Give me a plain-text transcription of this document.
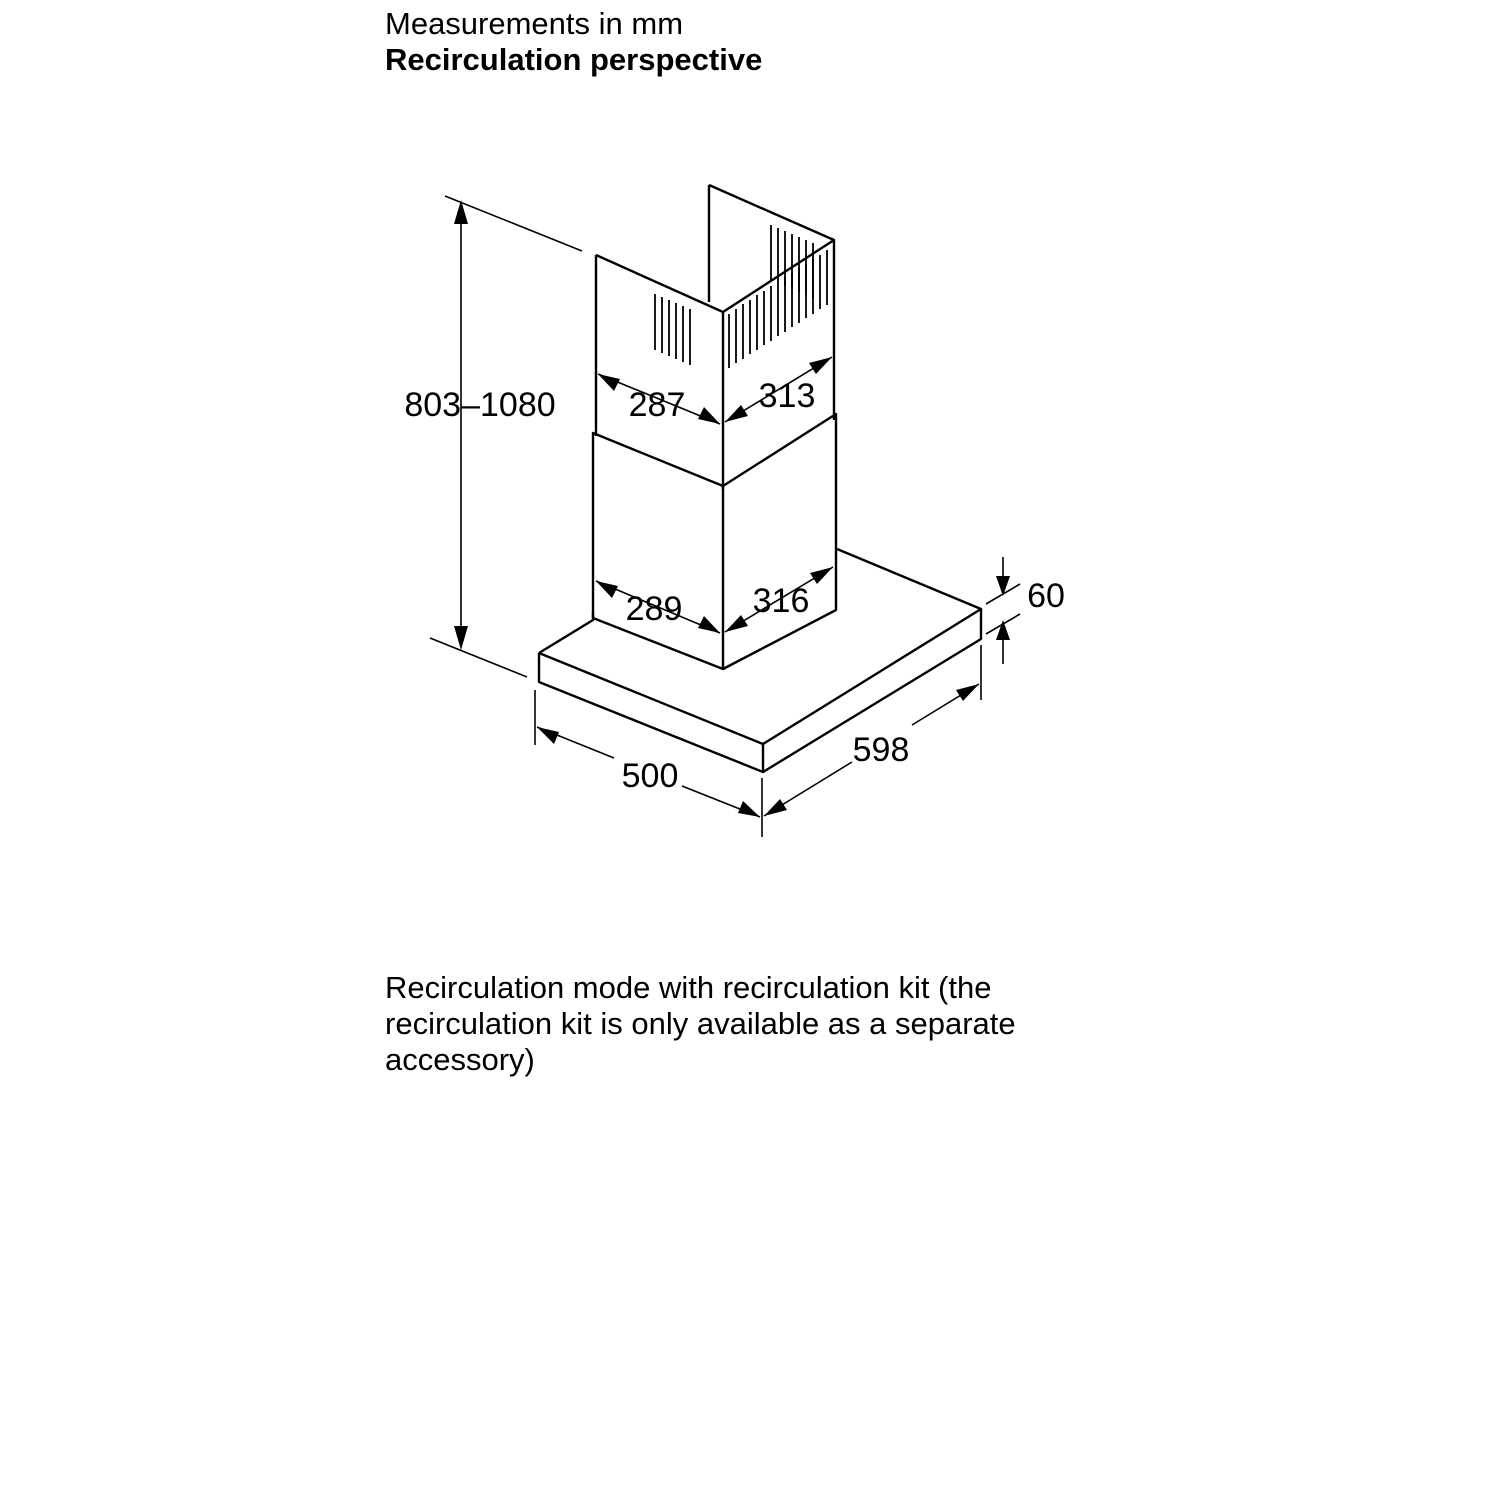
Measurements in mm
Recirculation perspective
803–1080 287 313
289 316	60
500
598
Recirculation mode with recirculation kit (the recirculation kit is only available as a separate accessory)
